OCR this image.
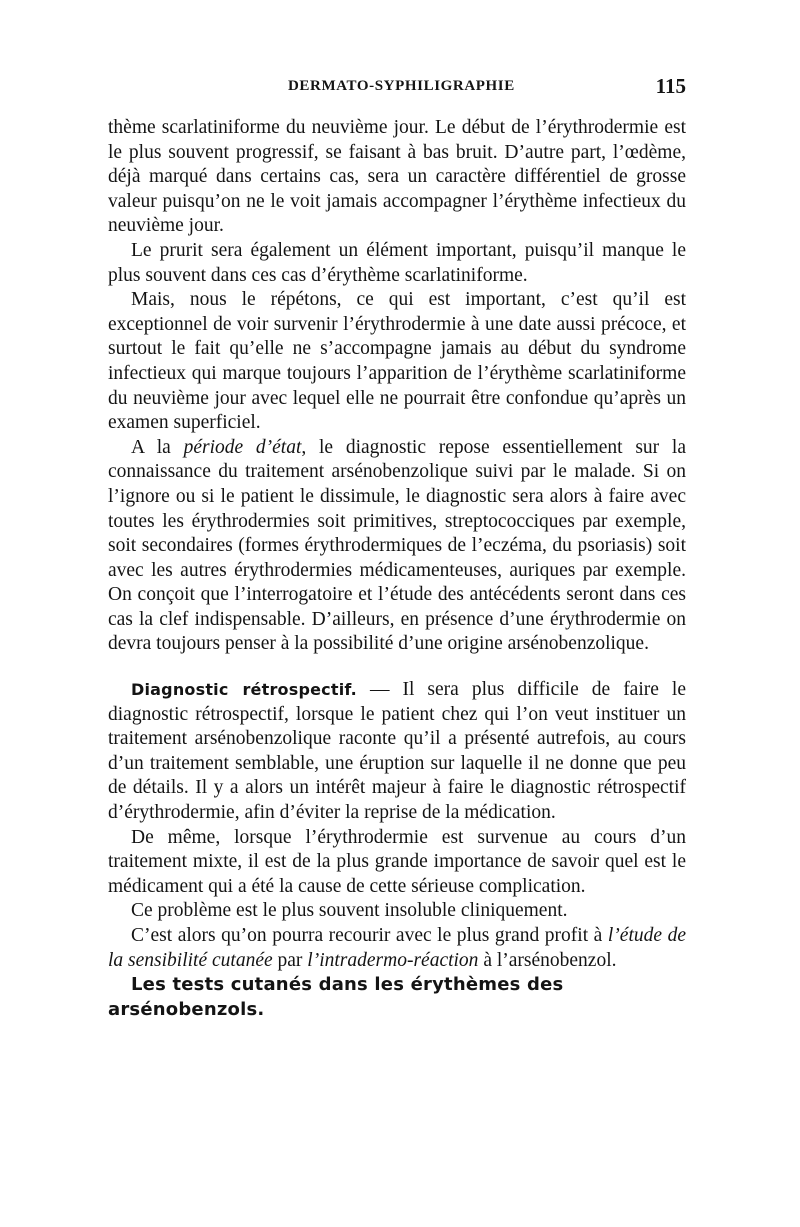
DERMATO-SYPHILIGRAPHIE	115

thème scarlatiniforme du neuvième jour. Le début de l’érythrodermie est le plus souvent progressif, se faisant à bas bruit. D’autre part, l’œdème, déjà marqué dans certains cas, sera un caractère différentiel de grosse valeur puisqu’on ne le voit jamais accompagner l’érythème infectieux du neuvième jour.

Le prurit sera également un élément important, puisqu’il manque le plus souvent dans ces cas d’érythème scarlatiniforme.

Mais, nous le répétons, ce qui est important, c’est qu’il est exceptionnel de voir survenir l’érythrodermie à une date aussi précoce, et surtout le fait qu’elle ne s’accompagne jamais au début du syndrome infectieux qui marque toujours l’apparition de l’érythème scarlatiniforme du neuvième jour avec lequel elle ne pourrait être confondue qu’après un examen superficiel.

A la période d’état, le diagnostic repose essentiellement sur la connaissance du traitement arsénobenzolique suivi par le malade. Si on l’ignore ou si le patient le dissimule, le diagnostic sera alors à faire avec toutes les érythrodermies soit primitives, streptococciques par exemple, soit secondaires (formes érythrodermiques de l’eczéma, du psoriasis) soit avec les autres érythrodermies médicamenteuses, auriques par exemple. On conçoit que l’interrogatoire et l’étude des antécédents seront dans ces cas la clef indispensable. D’ailleurs, en présence d’une érythrodermie on devra toujours penser à la possibilité d’une origine arsénobenzolique.

Diagnostic rétrospectif. — Il sera plus difficile de faire le diagnostic rétrospectif, lorsque le patient chez qui l’on veut instituer un traitement arsénobenzolique raconte qu’il a présenté autrefois, au cours d’un traitement semblable, une éruption sur laquelle il ne donne que peu de détails. Il y a alors un intérêt majeur à faire le diagnostic rétrospectif d’érythrodermie, afin d’éviter la reprise de la médication.

De même, lorsque l’érythrodermie est survenue au cours d’un traitement mixte, il est de la plus grande importance de savoir quel est le médicament qui a été la cause de cette sérieuse complication.

Ce problème est le plus souvent insoluble cliniquement.

C’est alors qu’on pourra recourir avec le plus grand profit à l’étude de la sensibilité cutanée par l’intradermo-réaction à l’arsénobenzol.

Les tests cutanés dans les érythèmes des arsénobenzols.
